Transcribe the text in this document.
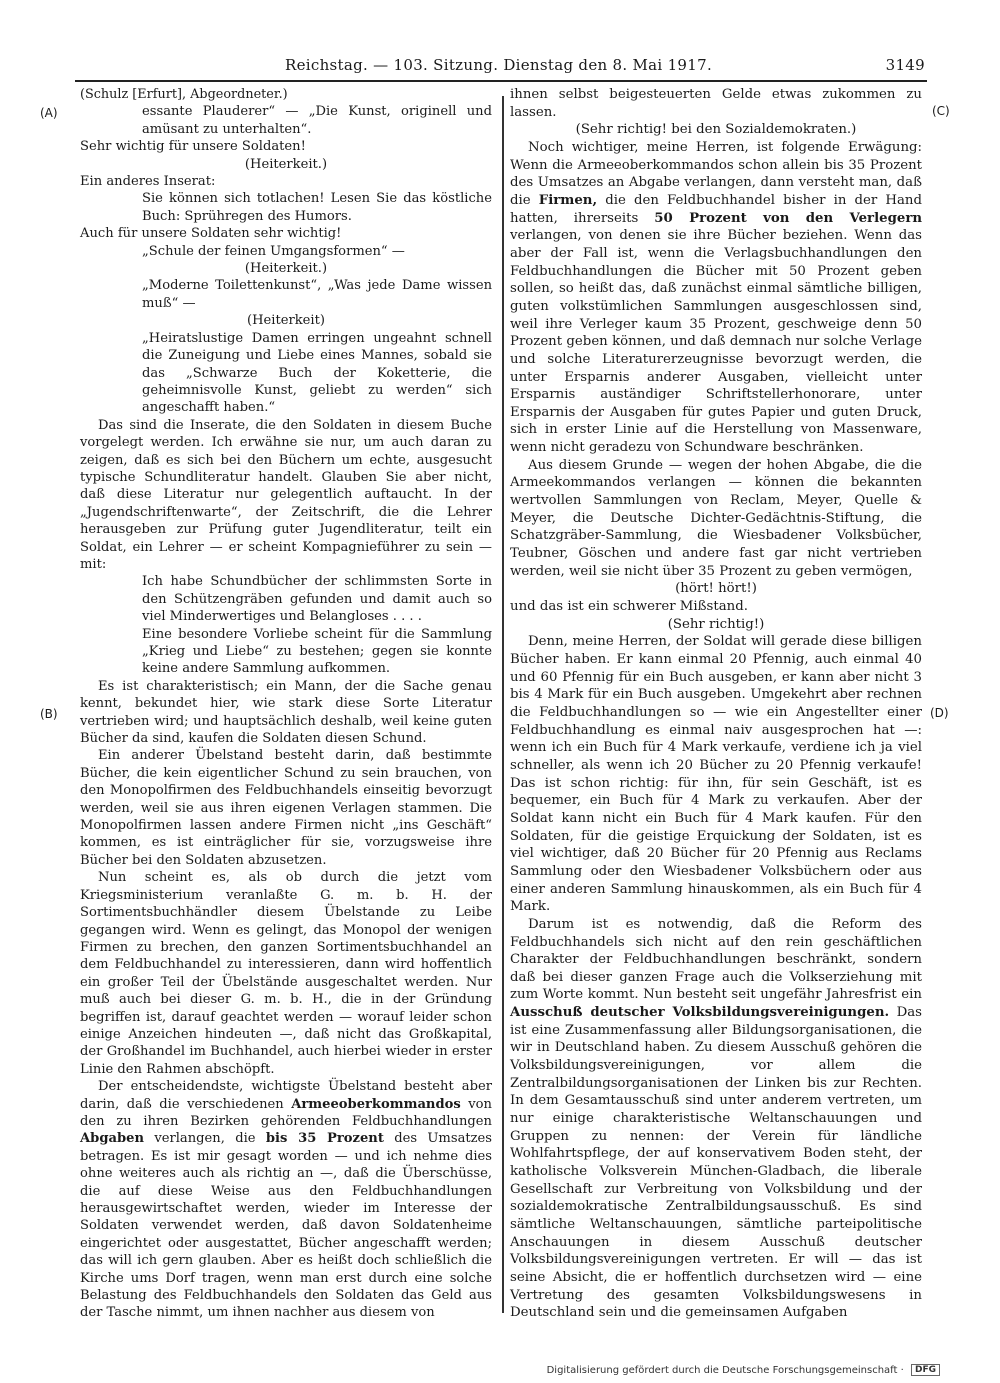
Reichstag. — 103. Sitzung. Dienstag den 8. Mai 1917.	3149
(A)
(B)
(C)
(D)

(Schulz [Erfurt], Abgeordneter.)

essante Plauderer“ — „Die Kunst, originell und amüsant zu unterhalten“.

Sehr wichtig für unsere Soldaten!

(Heiterkeit.)

Ein anderes Inserat:

Sie können sich totlachen! Lesen Sie das köstliche Buch: Sprühregen des Humors.

Auch für unsere Soldaten sehr wichtig!

„Schule der feinen Umgangsformen“ —

(Heiterkeit.)

„Moderne Toilettenkunst“, „Was jede Dame wissen muß“ —

(Heiterkeit)

„Heiratslustige Damen erringen ungeahnt schnell die Zuneigung und Liebe eines Mannes, sobald sie das „Schwarze Buch der Koketterie, die geheimnisvolle Kunst, geliebt zu werden“ sich angeschafft haben.“

Das sind die Inserate, die den Soldaten in diesem Buche vorgelegt werden. Ich erwähne sie nur, um auch daran zu zeigen, daß es sich bei den Büchern um echte, ausgesucht typische Schundliteratur handelt. Glauben Sie aber nicht, daß diese Literatur nur gelegentlich auftaucht. In der „Jugendschriftenwarte“, der Zeitschrift, die die Lehrer herausgeben zur Prüfung guter Jugendliteratur, teilt ein Soldat, ein Lehrer — er scheint Kompagnieführer zu sein — mit:

Ich habe Schundbücher der schlimmsten Sorte in den Schützengräben gefunden und damit auch so viel Minderwertiges und Belangloses . . . .

Eine besondere Vorliebe scheint für die Sammlung „Krieg und Liebe“ zu bestehen; gegen sie konnte keine andere Sammlung aufkommen.

Es ist charakteristisch; ein Mann, der die Sache genau kennt, bekundet hier, wie stark diese Sorte Literatur vertrieben wird; und hauptsächlich deshalb, weil keine guten Bücher da sind, kaufen die Soldaten diesen Schund.

Ein anderer Übelstand besteht darin, daß bestimmte Bücher, die kein eigentlicher Schund zu sein brauchen, von den Monopolfirmen des Feldbuchhandels einseitig bevorzugt werden, weil sie aus ihren eigenen Verlagen stammen. Die Monopolfirmen lassen andere Firmen nicht „ins Geschäft“ kommen, es ist einträglicher für sie, vorzugsweise ihre Bücher bei den Soldaten abzusetzen.

Nun scheint es, als ob durch die jetzt vom Kriegsministerium veranlaßte G. m. b. H. der Sortimentsbuchhändler diesem Übelstande zu Leibe gegangen wird. Wenn es gelingt, das Monopol der wenigen Firmen zu brechen, den ganzen Sortimentsbuchhandel an dem Feldbuchhandel zu interessieren, dann wird hoffentlich ein großer Teil der Übelstände ausgeschaltet werden. Nur muß auch bei dieser G. m. b. H., die in der Gründung begriffen ist, darauf geachtet werden — worauf leider schon einige Anzeichen hindeuten —, daß nicht das Großkapital, der Großhandel im Buchhandel, auch hierbei wieder in erster Linie den Rahmen abschöpft.

Der entscheidendste, wichtigste Übelstand besteht aber darin, daß die verschiedenen Armeeoberkommandos von den zu ihren Bezirken gehörenden Feldbuchhandlungen Abgaben verlangen, die bis 35 Prozent des Umsatzes betragen. Es ist mir gesagt worden — und ich nehme dies ohne weiteres auch als richtig an —, daß die Überschüsse, die auf diese Weise aus den Feldbuchhandlungen herausgewirtschaftet werden, wieder im Interesse der Soldaten verwendet werden, daß davon Soldatenheime eingerichtet oder ausgestattet, Bücher angeschafft werden; das will ich gern glauben. Aber es heißt doch schließlich die Kirche ums Dorf tragen, wenn man erst durch eine solche Belastung des Feldbuchhandels den Soldaten das Geld aus der Tasche nimmt, um ihnen nachher aus diesem von

ihnen selbst beigesteuerten Gelde etwas zukommen zu lassen.

(Sehr richtig! bei den Sozialdemokraten.)

Noch wichtiger, meine Herren, ist folgende Erwägung: Wenn die Armeeoberkommandos schon allein bis 35 Prozent des Umsatzes an Abgabe verlangen, dann versteht man, daß die Firmen, die den Feldbuchhandel bisher in der Hand hatten, ihrerseits 50 Prozent von den Verlegern verlangen, von denen sie ihre Bücher beziehen. Wenn das aber der Fall ist, wenn die Verlagsbuchhandlungen den Feldbuchhandlungen die Bücher mit 50 Prozent geben sollen, so heißt das, daß zunächst einmal sämtliche billigen, guten volkstümlichen Sammlungen ausgeschlossen sind, weil ihre Verleger kaum 35 Prozent, geschweige denn 50 Prozent geben können, und daß demnach nur solche Verlage und solche Literaturerzeugnisse bevorzugt werden, die unter Ersparnis anderer Ausgaben, vielleicht unter Ersparnis auständiger Schriftstellerhonorare, unter Ersparnis der Ausgaben für gutes Papier und guten Druck, sich in erster Linie auf die Herstellung von Massenware, wenn nicht geradezu von Schundware beschränken.

Aus diesem Grunde — wegen der hohen Abgabe, die die Armeekommandos verlangen — können die bekannten wertvollen Sammlungen von Reclam, Meyer, Quelle & Meyer, die Deutsche Dichter-Gedächtnis-Stiftung, die Schatzgräber-Sammlung, die Wiesbadener Volksbücher, Teubner, Göschen und andere fast gar nicht vertrieben werden, weil sie nicht über 35 Prozent zu geben vermögen,

(hört! hört!)

und das ist ein schwerer Mißstand.

(Sehr richtig!)

Denn, meine Herren, der Soldat will gerade diese billigen Bücher haben. Er kann einmal 20 Pfennig, auch einmal 40 und 60 Pfennig für ein Buch ausgeben, er kann aber nicht 3 bis 4 Mark für ein Buch ausgeben. Umgekehrt aber rechnen die Feldbuchhandlungen so — wie ein Angestellter einer Feldbuchhandlung es einmal naiv ausgesprochen hat —: wenn ich ein Buch für 4 Mark verkaufe, verdiene ich ja viel schneller, als wenn ich 20 Bücher zu 20 Pfennig verkaufe! Das ist schon richtig: für ihn, für sein Geschäft, ist es bequemer, ein Buch für 4 Mark zu verkaufen. Aber der Soldat kann nicht ein Buch für 4 Mark kaufen. Für den Soldaten, für die geistige Erquickung der Soldaten, ist es viel wichtiger, daß 20 Bücher für 20 Pfennig aus Reclams Sammlung oder den Wiesbadener Volksbüchern oder aus einer anderen Sammlung hinauskommen, als ein Buch für 4 Mark.

Darum ist es notwendig, daß die Reform des Feldbuchhandels sich nicht auf den rein geschäftlichen Charakter der Feldbuchhandlungen beschränkt, sondern daß bei dieser ganzen Frage auch die Volkserziehung mit zum Worte kommt. Nun besteht seit ungefähr Jahresfrist ein Ausschuß deutscher Volksbildungsvereinigungen. Das ist eine Zusammenfassung aller Bildungsorganisationen, die wir in Deutschland haben. Zu diesem Ausschuß gehören die Volksbildungsvereinigungen, vor allem die Zentralbildungsorganisationen der Linken bis zur Rechten. In dem Gesamtausschuß sind unter anderem vertreten, um nur einige charakteristische Weltanschauungen und Gruppen zu nennen: der Verein für ländliche Wohlfahrtspflege, der auf konservativem Boden steht, der katholische Volksverein München-Gladbach, die liberale Gesellschaft zur Verbreitung von Volksbildung und der sozialdemokratische Zentralbildungsausschuß. Es sind sämtliche Weltanschauungen, sämtliche parteipolitische Anschauungen in diesem Ausschuß deutscher Volksbildungsvereinigungen vertreten. Er will — das ist seine Absicht, die er hoffentlich durchsetzen wird — eine Vertretung des gesamten Volksbildungswesens in Deutschland sein und die gemeinsamen Aufgaben

Digitalisierung gefördert durch die Deutsche Forschungsgemeinschaft · DFG
